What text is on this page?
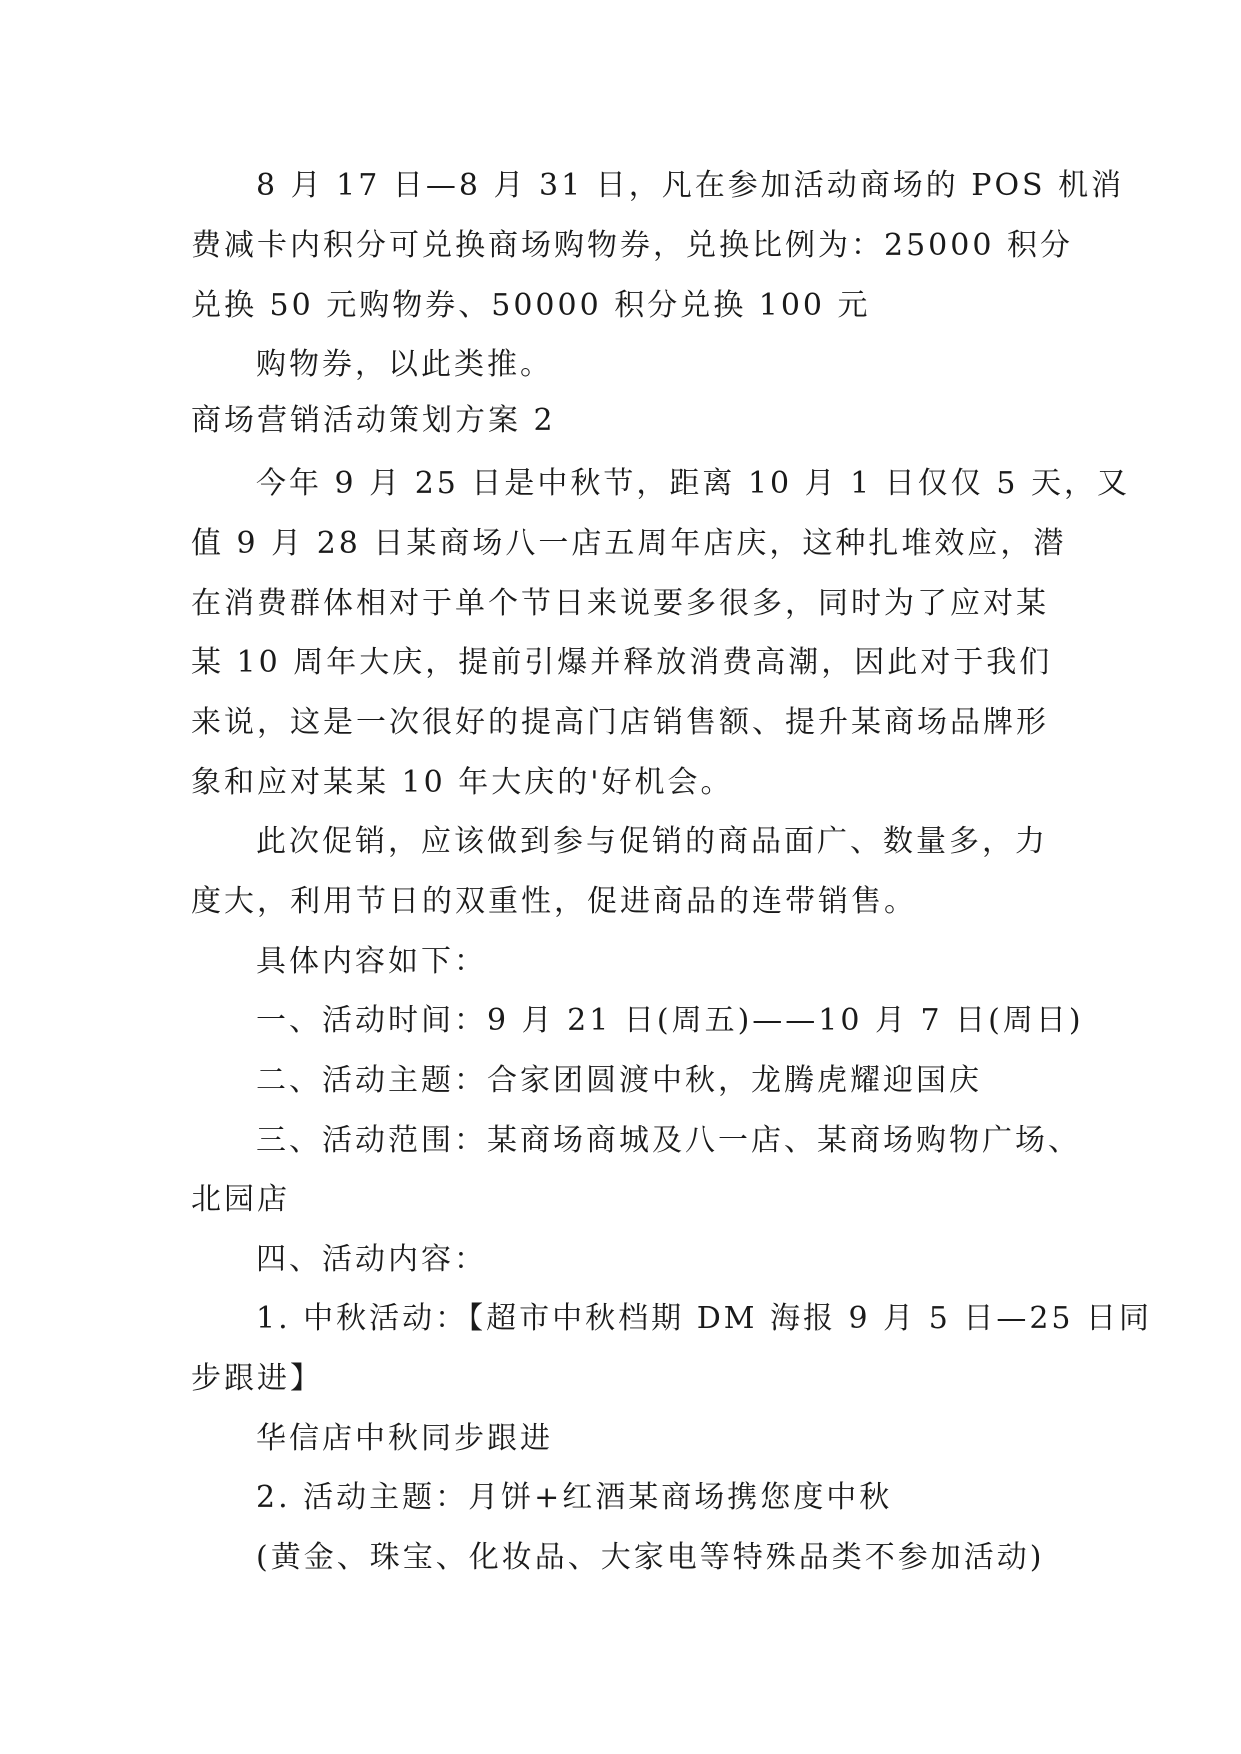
8 月 17 日—8 月 31 日，凡在参加活动商场的 POS 机消
费减卡内积分可兑换商场购物券，兑换比例为：25000 积分
兑换 50 元购物券、50000 积分兑换 100 元
购物券，以此类推。
商场营销活动策划方案 2
今年 9 月 25 日是中秋节，距离 10 月 1 日仅仅 5 天，又
值 9 月 28 日某商场八一店五周年店庆，这种扎堆效应，潜
在消费群体相对于单个节日来说要多很多，同时为了应对某
某 10 周年大庆，提前引爆并释放消费高潮，因此对于我们
来说，这是一次很好的提高门店销售额、提升某商场品牌形
象和应对某某 10 年大庆的'好机会。
此次促销，应该做到参与促销的商品面广、数量多，力
度大，利用节日的双重性，促进商品的连带销售。
具体内容如下：
一、活动时间：9 月 21 日(周五)——10 月 7 日(周日)
二、活动主题：合家团圆渡中秋，龙腾虎耀迎国庆
三、活动范围：某商场商城及八一店、某商场购物广场、
北园店
四、活动内容：
1. 中秋活动：【超市中秋档期 DM 海报 9 月 5 日—25 日同
步跟进】
华信店中秋同步跟进
2. 活动主题：月饼+红酒某商场携您度中秋
(黄金、珠宝、化妆品、大家电等特殊品类不参加活动)
